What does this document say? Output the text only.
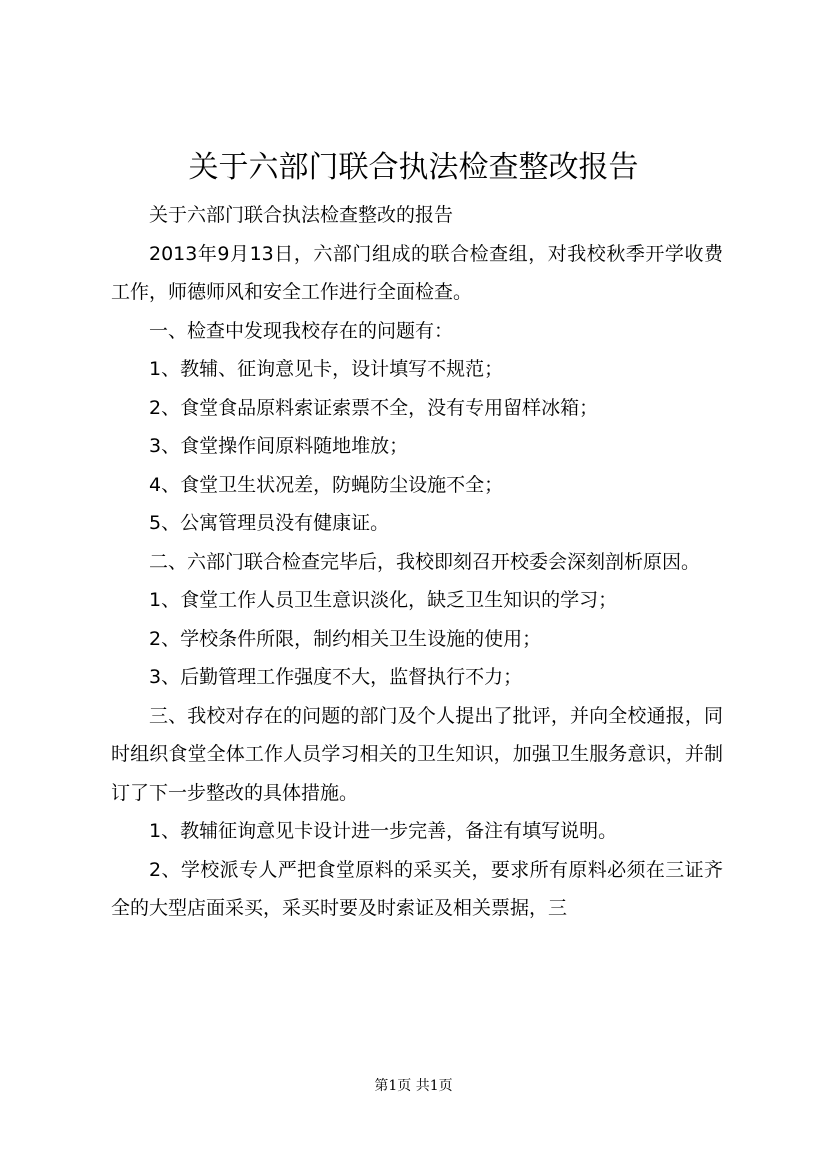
关于六部门联合执法检查整改报告

关于六部门联合执法检查整改的报告

2013年9月13日，六部门组成的联合检查组，对我校秋季开学收费工作，师德师风和安全工作进行全面检查。

一、检查中发现我校存在的问题有：

1、教辅、征询意见卡，设计填写不规范；

2、食堂食品原料索证索票不全，没有专用留样冰箱；

3、食堂操作间原料随地堆放；

4、食堂卫生状况差，防蝇防尘设施不全；

5、公寓管理员没有健康证。

二、六部门联合检查完毕后，我校即刻召开校委会深刻剖析原因。

1、食堂工作人员卫生意识淡化，缺乏卫生知识的学习；

2、学校条件所限，制约相关卫生设施的使用；

3、后勤管理工作强度不大，监督执行不力；

三、我校对存在的问题的部门及个人提出了批评，并向全校通报，同时组织食堂全体工作人员学习相关的卫生知识，加强卫生服务意识，并制订了下一步整改的具体措施。

1、教辅征询意见卡设计进一步完善，备注有填写说明。

2、学校派专人严把食堂原料的采买关，要求所有原料必须在三证齐全的大型店面采买，采买时要及时索证及相关票据，三

第1页 共1页
